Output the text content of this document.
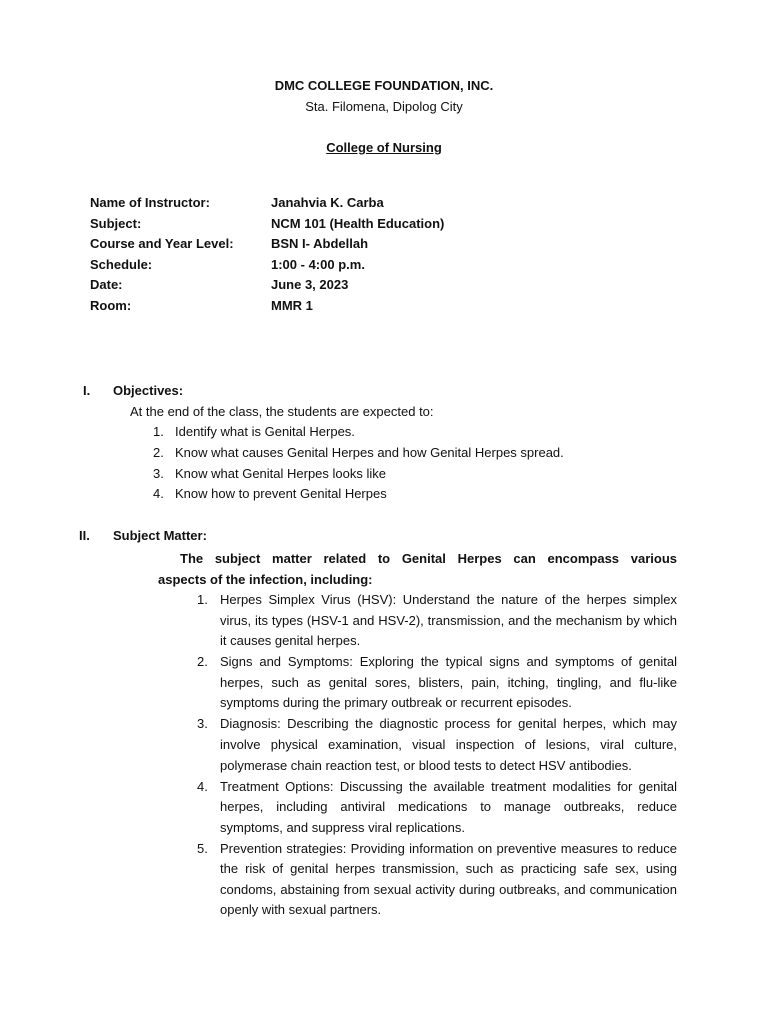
DMC COLLEGE FOUNDATION, INC.
Sta. Filomena, Dipolog City
College of Nursing
Name of Instructor:	Janahvia K. Carba
Subject:	NCM 101 (Health Education)
Course and Year Level:	BSN I- Abdellah
Schedule:	1:00 - 4:00 p.m.
Date:	June 3, 2023
Room:	MMR 1
I. Objectives:
At the end of the class, the students are expected to:
1. Identify what is Genital Herpes.
2. Know what causes Genital Herpes and how Genital Herpes spread.
3. Know what Genital Herpes looks like
4. Know how to prevent Genital Herpes
II. Subject Matter:
The subject matter related to Genital Herpes can encompass various
aspects of the infection, including:
1. Herpes Simplex Virus (HSV): Understand the nature of the herpes simplex virus, its types (HSV-1 and HSV-2), transmission, and the mechanism by which it causes genital herpes.
2. Signs and Symptoms: Exploring the typical signs and symptoms of genital herpes, such as genital sores, blisters, pain, itching, tingling, and flu-like symptoms during the primary outbreak or recurrent episodes.
3. Diagnosis: Describing the diagnostic process for genital herpes, which may involve physical examination, visual inspection of lesions, viral culture, polymerase chain reaction test, or blood tests to detect HSV antibodies.
4. Treatment Options: Discussing the available treatment modalities for genital herpes, including antiviral medications to manage outbreaks, reduce symptoms, and suppress viral replications.
5. Prevention strategies: Providing information on preventive measures to reduce the risk of genital herpes transmission, such as practicing safe sex, using condoms, abstaining from sexual activity during outbreaks, and communication openly with sexual partners.
